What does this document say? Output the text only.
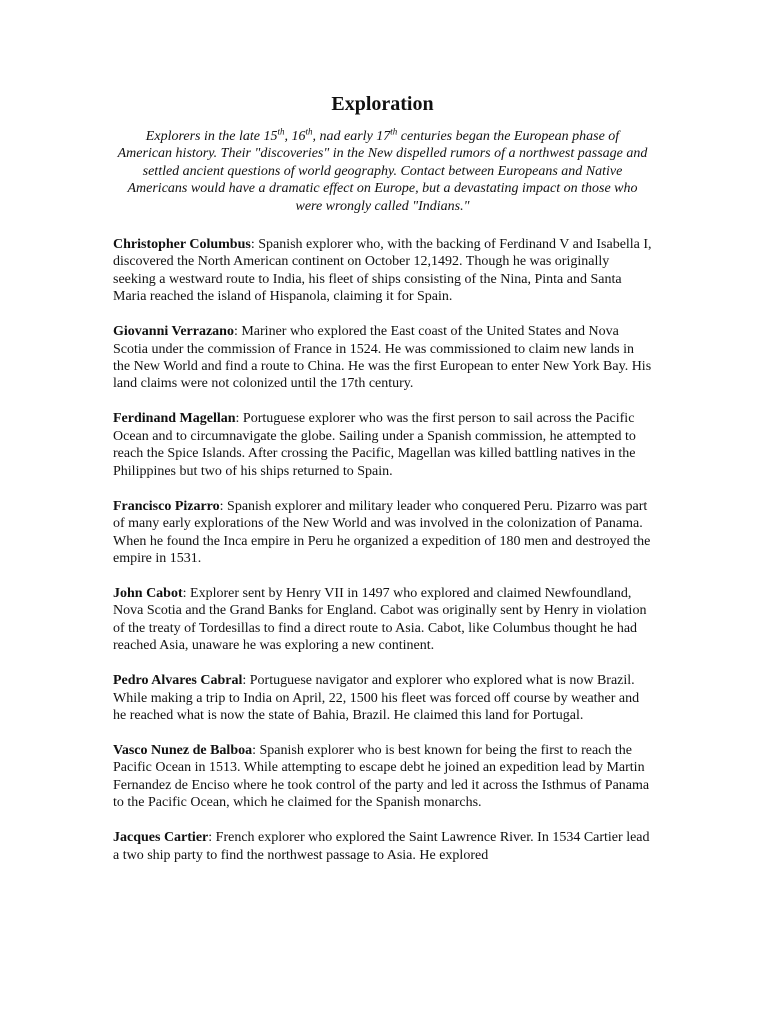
Exploration

Explorers in the late 15th, 16th, nad early 17th centuries began the European phase of American history. Their "discoveries" in the New dispelled rumors of a northwest passage and settled ancient questions of world geography. Contact between Europeans and Native Americans would have a dramatic effect on Europe, but a devastating impact on those who were wrongly called "Indians."

Christopher Columbus: Spanish explorer who, with the backing of Ferdinand V and Isabella I, discovered the North American continent on October 12,1492. Though he was originally seeking a westward route to India, his fleet of ships consisting of the Nina, Pinta and Santa Maria reached the island of Hispanola, claiming it for Spain.

Giovanni Verrazano: Mariner who explored the East coast of the United States and Nova Scotia under the commission of France in 1524. He was commissioned to claim new lands in the New World and find a route to China. He was the first European to enter New York Bay. His land claims were not colonized until the 17th century.

Ferdinand Magellan: Portuguese explorer who was the first person to sail across the Pacific Ocean and to circumnavigate the globe. Sailing under a Spanish commission, he attempted to reach the Spice Islands. After crossing the Pacific, Magellan was killed battling natives in the Philippines but two of his ships returned to Spain.

Francisco Pizarro: Spanish explorer and military leader who conquered Peru. Pizarro was part of many early explorations of the New World and was involved in the colonization of Panama. When he found the Inca empire in Peru he organized a expedition of 180 men and destroyed the empire in 1531.

John Cabot: Explorer sent by Henry VII in 1497 who explored and claimed Newfoundland, Nova Scotia and the Grand Banks for England. Cabot was originally sent by Henry in violation of the treaty of Tordesillas to find a direct route to Asia. Cabot, like Columbus thought he had reached Asia, unaware he was exploring a new continent.

Pedro Alvares Cabral: Portuguese navigator and explorer who explored what is now Brazil. While making a trip to India on April, 22, 1500 his fleet was forced off course by weather and he reached what is now the state of Bahia, Brazil. He claimed this land for Portugal.

Vasco Nunez de Balboa: Spanish explorer who is best known for being the first to reach the Pacific Ocean in 1513. While attempting to escape debt he joined an expedition lead by Martin Fernandez de Enciso where he took control of the party and led it across the Isthmus of Panama to the Pacific Ocean, which he claimed for the Spanish monarchs.

Jacques Cartier: French explorer who explored the Saint Lawrence River. In 1534 Cartier lead a two ship party to find the northwest passage to Asia. He explored
